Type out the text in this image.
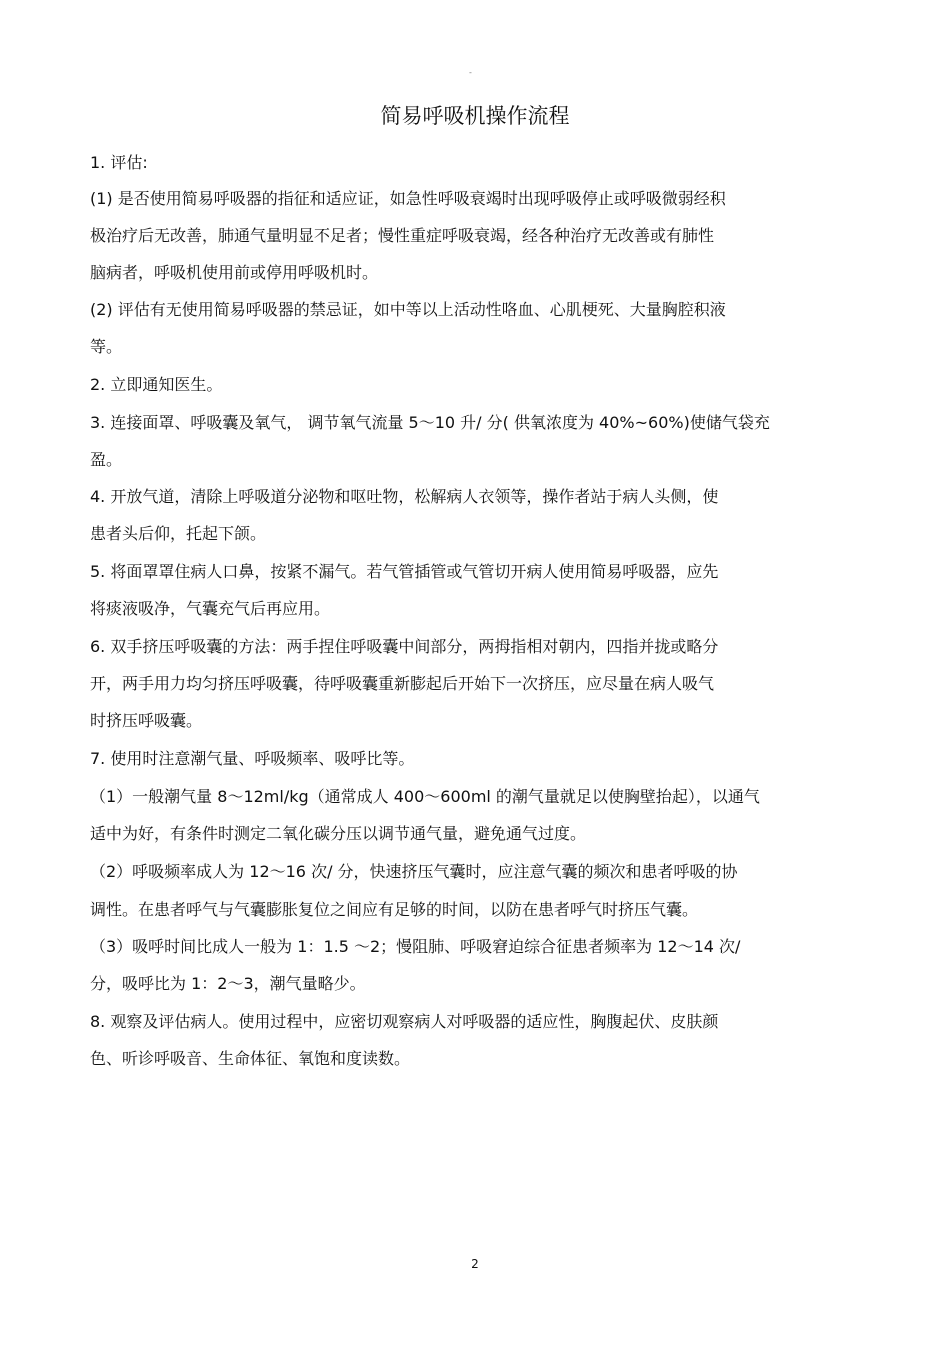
-
简易呼吸机操作流程
1. 评估:
(1) 是否使用简易呼吸器的指征和适应证，如急性呼吸衰竭时出现呼吸停止或呼吸微弱经积
极治疗后无改善，肺通气量明显不足者；慢性重症呼吸衰竭，经各种治疗无改善或有肺性
脑病者，呼吸机使用前或停用呼吸机时。
(2) 评估有无使用简易呼吸器的禁忌证，如中等以上活动性咯血、心肌梗死、大量胸腔积液
等。
2. 立即通知医生。
3. 连接面罩、呼吸囊及氧气， 调节氧气流量 5～10 升/ 分( 供氧浓度为 40%~60%)使储气袋充
盈。
4. 开放气道，清除上呼吸道分泌物和呕吐物，松解病人衣领等，操作者站于病人头侧，使
患者头后仰，托起下颌。
5. 将面罩罩住病人口鼻，按紧不漏气。若气管插管或气管切开病人使用简易呼吸器，应先
将痰液吸净，气囊充气后再应用。
6. 双手挤压呼吸囊的方法：两手捏住呼吸囊中间部分，两拇指相对朝内，四指并拢或略分
开，两手用力均匀挤压呼吸囊，待呼吸囊重新膨起后开始下一次挤压，应尽量在病人吸气
时挤压呼吸囊。
7. 使用时注意潮气量、呼吸频率、吸呼比等。
（1）一般潮气量 8～12ml/kg（通常成人 400～600ml 的潮气量就足以使胸壁抬起），以通气
适中为好，有条件时测定二氧化碳分压以调节通气量，避免通气过度。
（2）呼吸频率成人为 12～16 次/ 分，快速挤压气囊时，应注意气囊的频次和患者呼吸的协
调性。在患者呼气与气囊膨胀复位之间应有足够的时间，以防在患者呼气时挤压气囊。
（3）吸呼时间比成人一般为 1：1.5 ～2；慢阻肺、呼吸窘迫综合征患者频率为 12～14 次/
分，吸呼比为 1：2～3，潮气量略少。
8. 观察及评估病人。使用过程中，应密切观察病人对呼吸器的适应性，胸腹起伏、皮肤颜
色、听诊呼吸音、生命体征、氧饱和度读数。
2
